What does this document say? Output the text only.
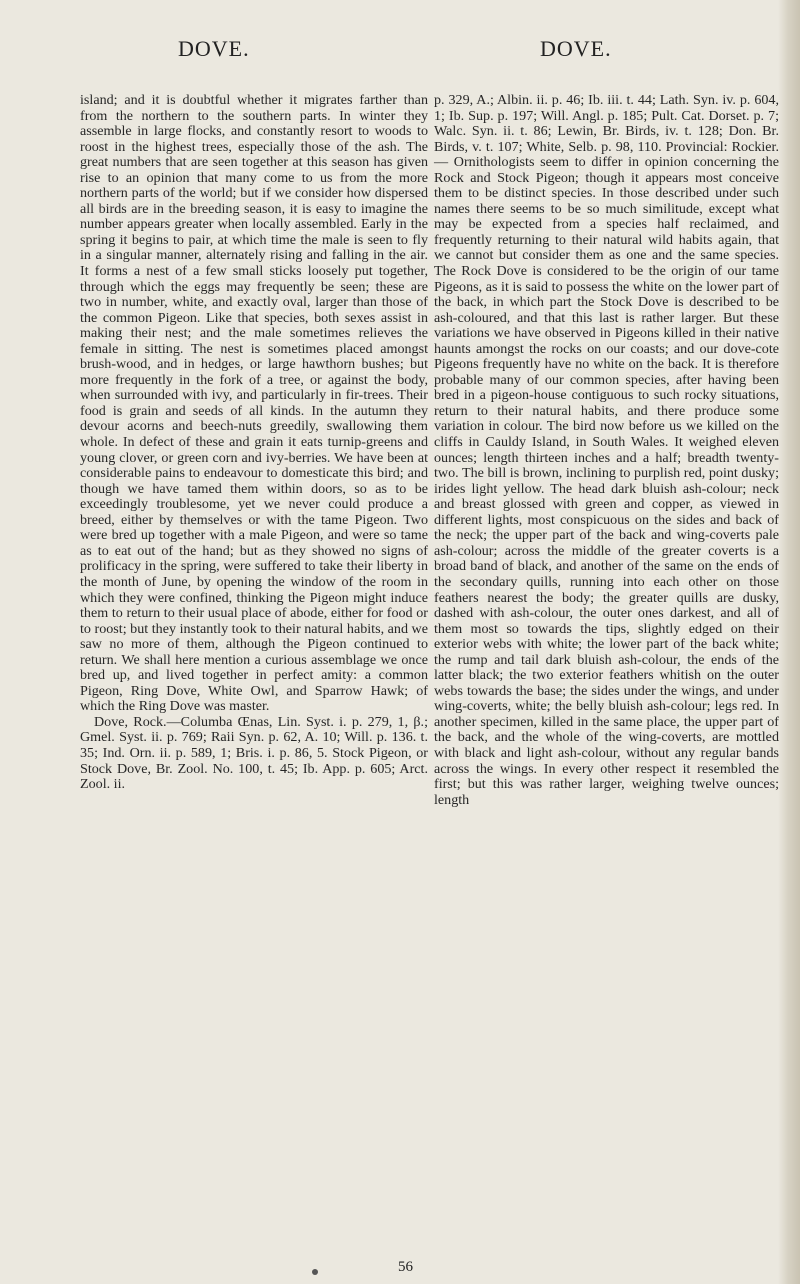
DOVE.	DOVE.

island; and it is doubtful whether it migrates farther than from the northern to the southern parts. In winter they assemble in large flocks, and constantly resort to woods to roost in the highest trees, especially those of the ash. The great numbers that are seen together at this season has given rise to an opinion that many come to us from the more northern parts of the world; but if we consider how dispersed all birds are in the breeding season, it is easy to imagine the number appears greater when locally assembled. Early in the spring it begins to pair, at which time the male is seen to fly in a singular manner, alternately rising and falling in the air. It forms a nest of a few small sticks loosely put together, through which the eggs may frequently be seen; these are two in number, white, and exactly oval, larger than those of the common Pigeon. Like that species, both sexes assist in making their nest; and the male sometimes relieves the female in sitting. The nest is sometimes placed amongst brush-wood, and in hedges, or large hawthorn bushes; but more frequently in the fork of a tree, or against the body, when surrounded with ivy, and particularly in fir-trees. Their food is grain and seeds of all kinds. In the autumn they devour acorns and beech-nuts greedily, swallowing them whole. In defect of these and grain it eats turnip-greens and young clover, or green corn and ivy-berries. We have been at considerable pains to endeavour to domesticate this bird; and though we have tamed them within doors, so as to be exceedingly troublesome, yet we never could produce a breed, either by themselves or with the tame Pigeon. Two were bred up together with a male Pigeon, and were so tame as to eat out of the hand; but as they showed no signs of prolificacy in the spring, were suffered to take their liberty in the month of June, by opening the window of the room in which they were confined, thinking the Pigeon might induce them to return to their usual place of abode, either for food or to roost; but they instantly took to their natural habits, and we saw no more of them, although the Pigeon continued to return. We shall here mention a curious assemblage we once bred up, and lived together in perfect amity: a common Pigeon, Ring Dove, White Owl, and Sparrow Hawk; of which the Ring Dove was master.

Dove, Rock.—Columba Œnas, Lin. Syst. i. p. 279, 1, β.; Gmel. Syst. ii. p. 769; Raii Syn. p. 62, A. 10; Will. p. 136. t. 35; Ind. Orn. ii. p. 589, 1; Bris. i. p. 86, 5. Stock Pigeon, or Stock Dove, Br. Zool. No. 100, t. 45; Ib. App. p. 605; Arct. Zool. ii.

p. 329, A.; Albin. ii. p. 46; Ib. iii. t. 44; Lath. Syn. iv. p. 604, 1; Ib. Sup. p. 197; Will. Angl. p. 185; Pult. Cat. Dorset. p. 7; Walc. Syn. ii. t. 86; Lewin, Br. Birds, iv. t. 128; Don. Br. Birds, v. t. 107; White, Selb. p. 98, 110. Provincial: Rockier.— Ornithologists seem to differ in opinion concerning the Rock and Stock Pigeon; though it appears most conceive them to be distinct species. In those described under such names there seems to be so much similitude, except what may be expected from a species half reclaimed, and frequently returning to their natural wild habits again, that we cannot but consider them as one and the same species. The Rock Dove is considered to be the origin of our tame Pigeons, as it is said to possess the white on the lower part of the back, in which part the Stock Dove is described to be ash-coloured, and that this last is rather larger. But these variations we have observed in Pigeons killed in their native haunts amongst the rocks on our coasts; and our dove-cote Pigeons frequently have no white on the back. It is therefore probable many of our common species, after having been bred in a pigeon-house contiguous to such rocky situations, return to their natural habits, and there produce some variation in colour. The bird now before us we killed on the cliffs in Cauldy Island, in South Wales. It weighed eleven ounces; length thirteen inches and a half; breadth twenty-two. The bill is brown, inclining to purplish red, point dusky; irides light yellow. The head dark bluish ash-colour; neck and breast glossed with green and copper, as viewed in different lights, most conspicuous on the sides and back of the neck; the upper part of the back and wing-coverts pale ash-colour; across the middle of the greater coverts is a broad band of black, and another of the same on the ends of the secondary quills, running into each other on those feathers nearest the body; the greater quills are dusky, dashed with ash-colour, the outer ones darkest, and all of them most so towards the tips, slightly edged on their exterior webs with white; the lower part of the back white; the rump and tail dark bluish ash-colour, the ends of the latter black; the two exterior feathers whitish on the outer webs towards the base; the sides under the wings, and under wing-coverts, white; the belly bluish ash-colour; legs red. In another specimen, killed in the same place, the upper part of the back, and the whole of the wing-coverts, are mottled with black and light ash-colour, without any regular bands across the wings. In every other respect it resembled the first; but this was rather larger, weighing twelve ounces; length

56
